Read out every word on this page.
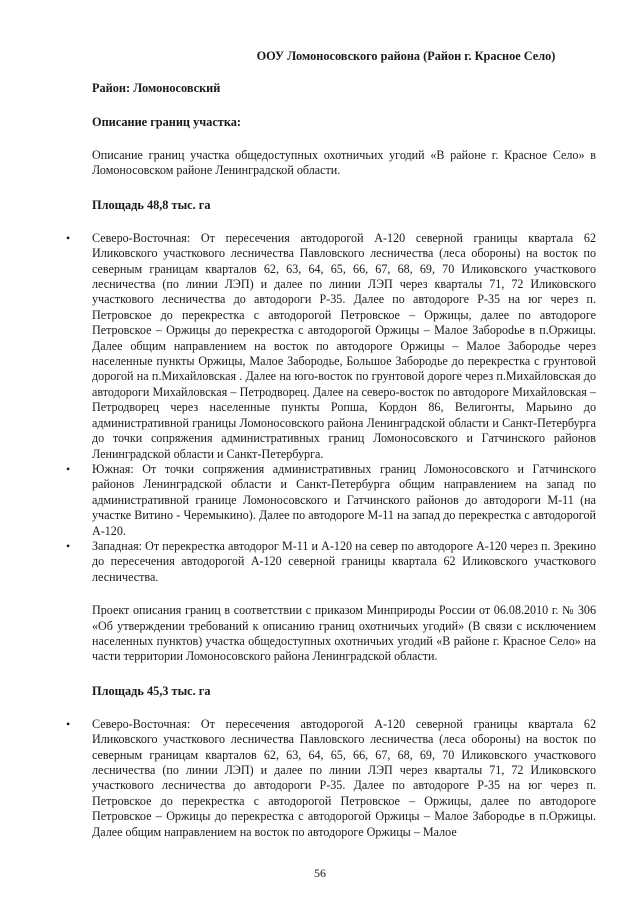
ООУ Ломоносовского района (Район г. Красное Село)
Район: Ломоносовский
Описание границ участка:
Описание границ участка общедоступных охотничьих угодий «В районе г. Красное Село» в Ломоносовском районе Ленинградской области.
Площадь 48,8 тыс. га
• Северо-Восточная: От пересечения автодорогой А-120 северной границы квартала 62 Иликовского участкового лесничества Павловского лесничества (леса обороны) на восток по северным границам кварталов 62, 63, 64, 65, 66, 67, 68, 69, 70 Иликовского участкового лесничества (по линии ЛЭП) и далее по линии ЛЭП через кварталы 71, 72 Иликовского участкового лесничества до автодороги Р-35. Далее по автодороге Р-35 на юг через п. Петровское до перекрестка с автодорогой Петровское – Оржицы, далее по автодороге Петровское – Оржицы до перекрестка с автодорогой Оржицы – Малое Заборodье в п.Оржицы. Далее общим направлением на восток по автодороге Оржицы – Малое Забородье через населенные пункты Оржицы, Малое Забородье, Большое Забородье до перекрестка с грунтовой дорогой на п.Михайловская . Далее на юго-восток по грунтовой дороге через п.Михайловская до автодороги Михайловская – Петродворец. Далее на северо-восток по автодороге Михайловская – Петродворец через населенные пункты Ропша, Кордон 86, Велигонты, Марьино до административной границы Ломоносовского района Ленинградской области и Санкт-Петербурга до точки сопряжения административных границ Ломоносовского и Гатчинского районов Ленинградской области и Санкт-Петербурга.
• Южная: От точки сопряжения административных границ Ломоносовского и Гатчинского районов Ленинградской области и Санкт-Петербурга общим направлением на запад по административной границе Ломоносовского и Гатчинского районов до автодороги М-11 (на участке Витино - Черемыкино). Далее по автодороге М-11 на запад до перекрестка с автодорогой А-120.
• Западная: От перекрестка автодорог М-11 и А-120 на север по автодороге А-120 через п. Зрекино до пересечения автодорогой А-120 северной границы квартала 62 Иликовского участкового лесничества.
Проект описания границ в соответствии с приказом Минприроды России от 06.08.2010 г. № 306 «Об утверждении требований к описанию границ охотничьих угодий» (В связи с исключением населенных пунктов) участка общедоступных охотничьих угодий «В районе г. Красное Село» на части территории Ломоносовского района Ленинградской области.
Площадь 45,3 тыс. га
• Северо-Восточная: От пересечения автодорогой А-120 северной границы квартала 62 Иликовского участкового лесничества Павловского лесничества (леса обороны) на восток по северным границам кварталов 62, 63, 64, 65, 66, 67, 68, 69, 70 Иликовского участкового лесничества (по линии ЛЭП) и далее по линии ЛЭП через кварталы 71, 72 Иликовского участкового лесничества до автодороги Р-35. Далее по автодороге Р-35 на юг через п. Петровское до перекрестка с автодорогой Петровское – Оржицы, далее по автодороге Петровское – Оржицы до перекрестка с автодорогой Оржицы – Малое Забородье в п.Оржицы. Далее общим направлением на восток по автодороге Оржицы – Малое
56
